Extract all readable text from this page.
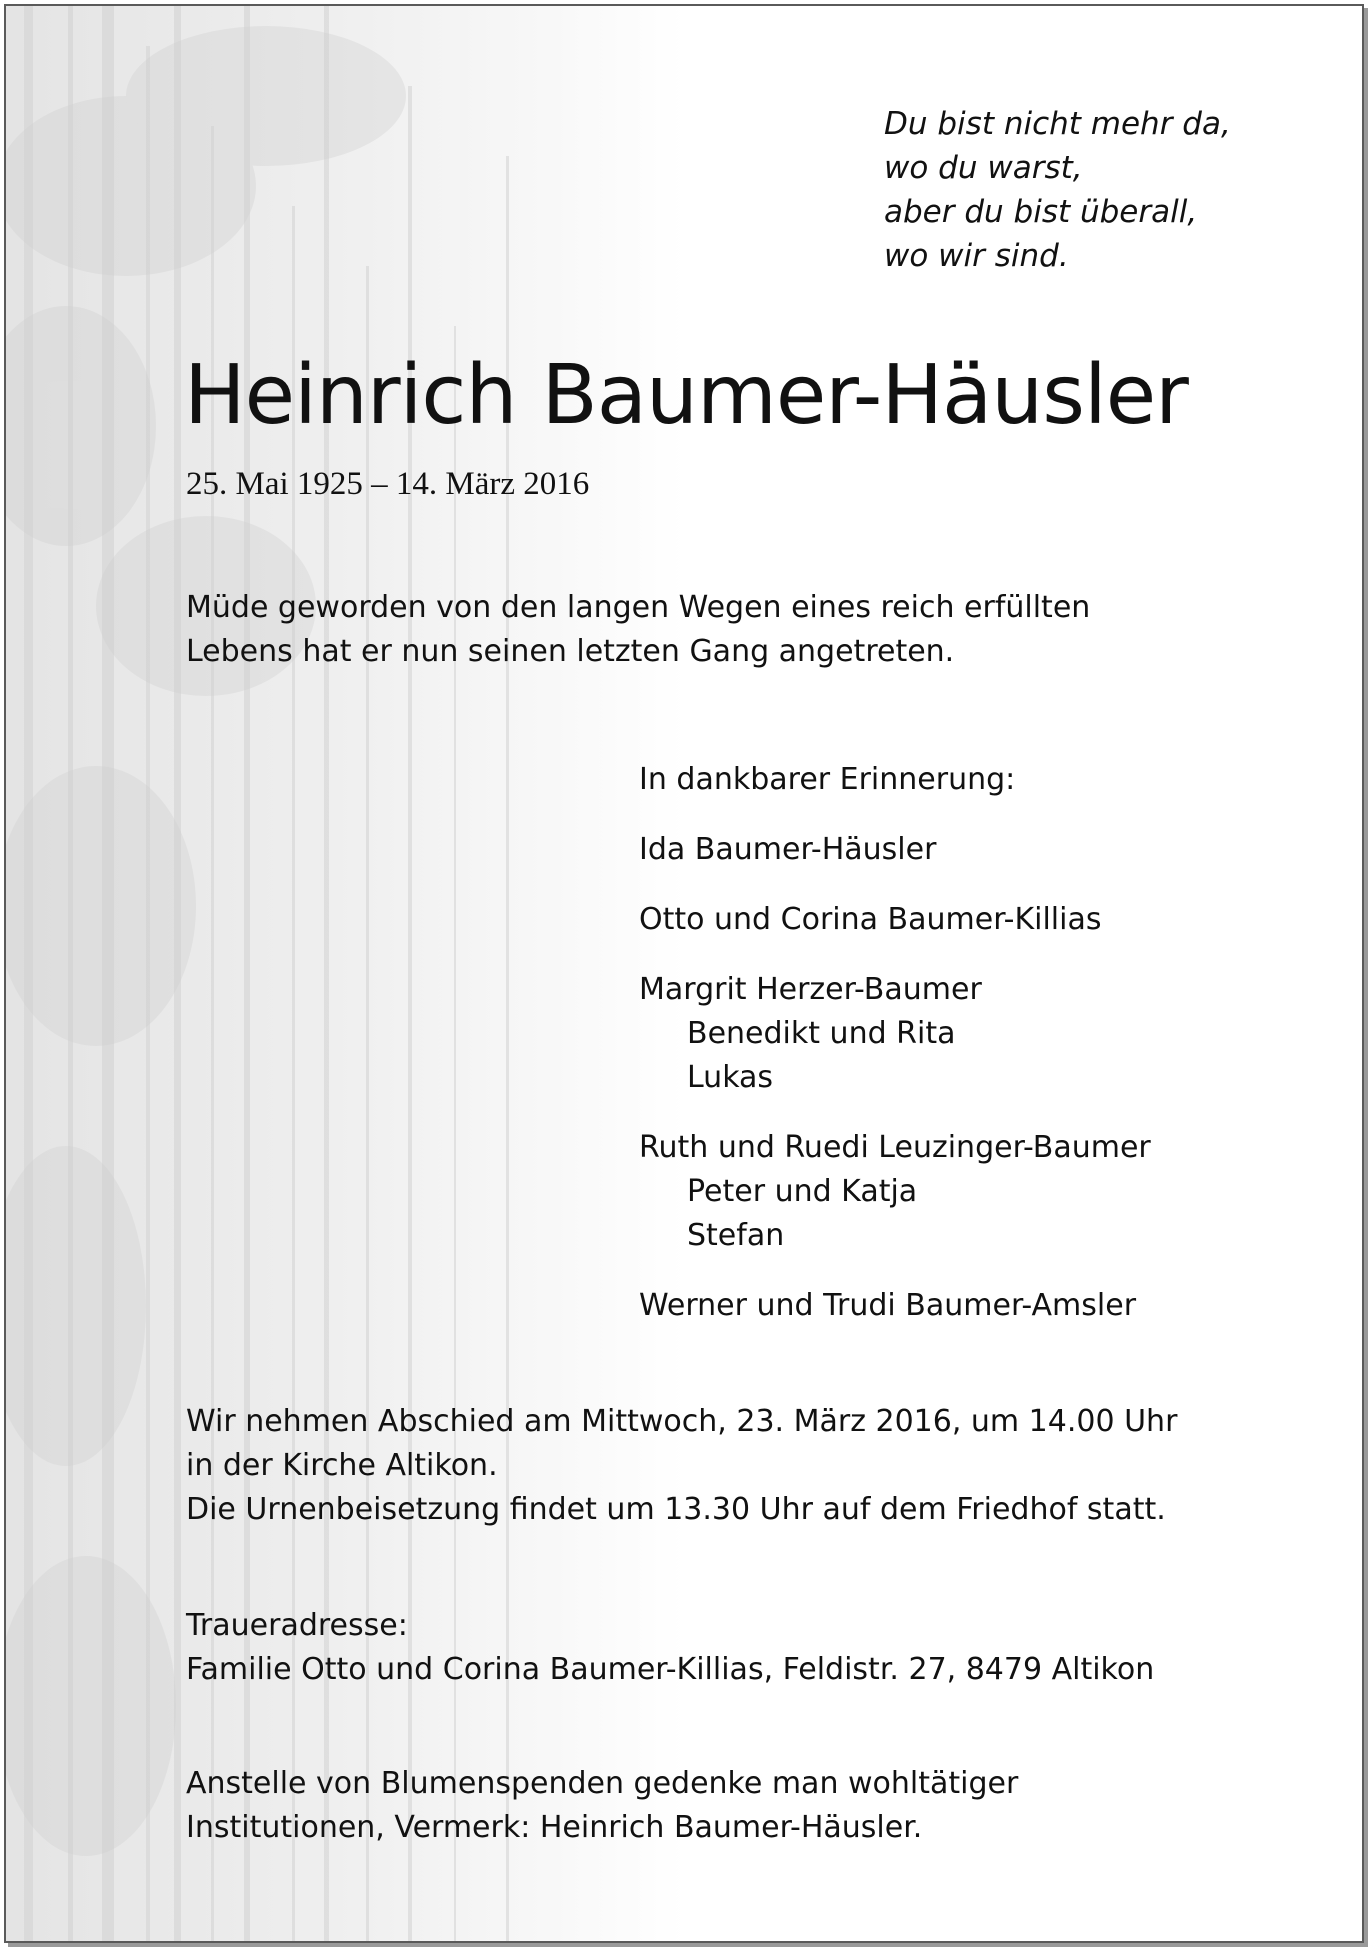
Du bist nicht mehr da,
wo du warst,
aber du bist überall,
wo wir sind.
Heinrich Baumer-Häusler
25. Mai 1925 – 14. März 2016
Müde geworden von den langen Wegen eines reich erfüllten
Lebens hat er nun seinen letzten Gang angetreten.
In dankbarer Erinnerung:
Ida Baumer-Häusler
Otto und Corina Baumer-Killias
Margrit Herzer-Baumer
Benedikt und Rita
Lukas
Ruth und Ruedi Leuzinger-Baumer
Peter und Katja
Stefan
Werner und Trudi Baumer-Amsler
Wir nehmen Abschied am Mittwoch, 23. März 2016, um 14.00 Uhr
in der Kirche Altikon.
Die Urnenbeisetzung findet um 13.30 Uhr auf dem Friedhof statt.
Traueradresse:
Familie Otto und Corina Baumer-Killias, Feldistr. 27, 8479 Altikon
Anstelle von Blumenspenden gedenke man wohltätiger
Institutionen, Vermerk: Heinrich Baumer-Häusler.
